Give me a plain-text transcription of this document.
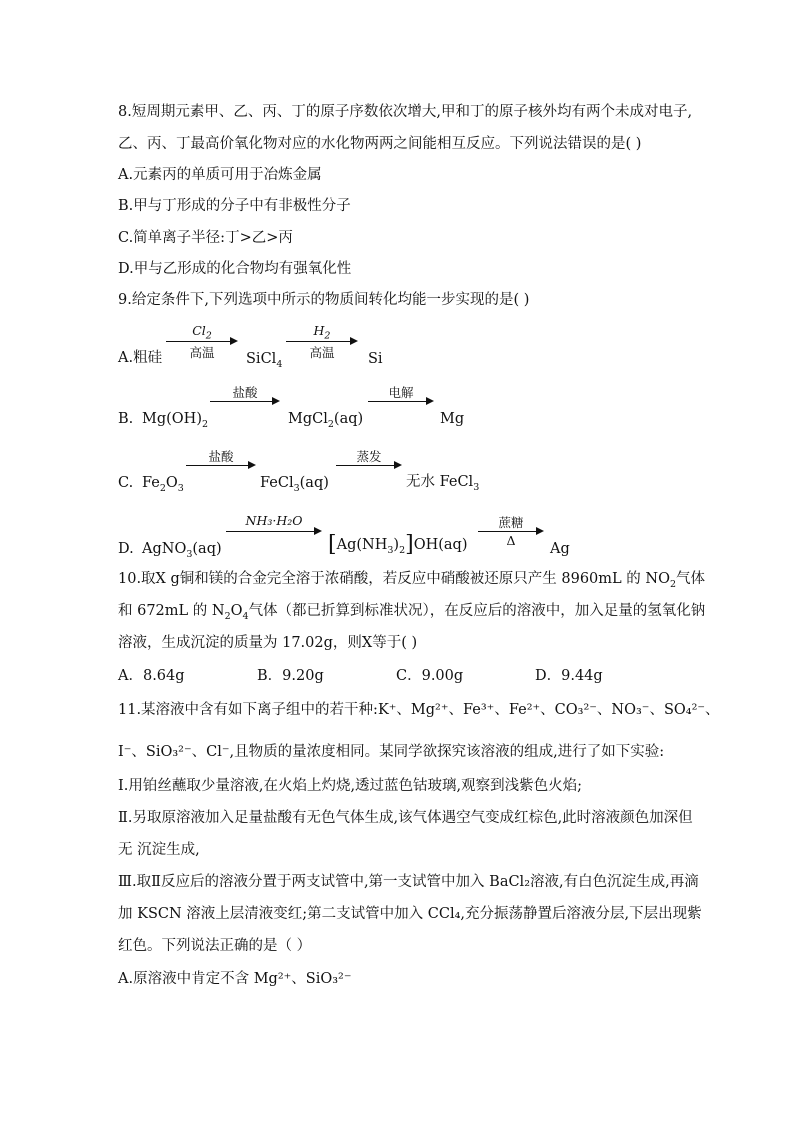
8.短周期元素甲、乙、丙、丁的原子序数依次增大,甲和丁的原子核外均有两个未成对电子,
乙、丙、丁最高价氧化物对应的水化物两两之间能相互反应。下列说法错误的是( )
A.元素丙的单质可用于冶炼金属
B.甲与丁形成的分子中有非极性分子
C.简单离子半径:丁>乙>丙
D.甲与乙形成的化合物均有强氧化性
9.给定条件下,下列选项中所示的物质间转化均能一步实现的是( )
A.粗硅
$Cl_2$
高温	SiCl$_4$
$H_2$
高温	Si
B. $Mg(OH)_2$
盐酸
MgCl$_2$(aq)
电解
Mg
C. $Fe_2O_3$
盐酸
FeCl$_3$(aq)
蒸发
无水 FeCl$_3$
D. AgNO$_3$(aq)
NH₃·H₂O
$[Ag(NH_3)_2]OH(aq)$
蔗糖
Δ
Ag
10.取X g铜和镁的合金完全溶于浓硝酸，若反应中硝酸被还原只产生 8960mL 的 $NO_2$气体
和 672mL 的 $N_2O_4$气体（都已折算到标准状况），在反应后的溶液中，加入足量的氢氧化钠
溶液，生成沉淀的质量为 17.02g，则X等于( )
A．8.64g	B．9.20g	C．9.00g	D．9.44g
11.某溶液中含有如下离子组中的若干种:K⁺、Mg²⁺、Fe³⁺、Fe²⁺、CO₃²⁻、NO₃⁻、SO₄²⁻、
I⁻、SiO₃²⁻、Cl⁻,且物质的量浓度相同。某同学欲探究该溶液的组成,进行了如下实验:
Ⅰ.用铂丝蘸取少量溶液,在火焰上灼烧,透过蓝色钴玻璃,观察到浅紫色火焰;
Ⅱ.另取原溶液加入足量盐酸有无色气体生成,该气体遇空气变成红棕色,此时溶液颜色加深但
无 沉淀生成,
Ⅲ.取Ⅱ反应后的溶液分置于两支试管中,第一支试管中加入 BaCl₂溶液,有白色沉淀生成,再滴
加 KSCN 溶液上层清液变红;第二支试管中加入 CCl₄,充分振荡静置后溶液分层,下层出现紫
红色。下列说法正确的是（ ）
A.原溶液中肯定不含 Mg²⁺、SiO₃²⁻
